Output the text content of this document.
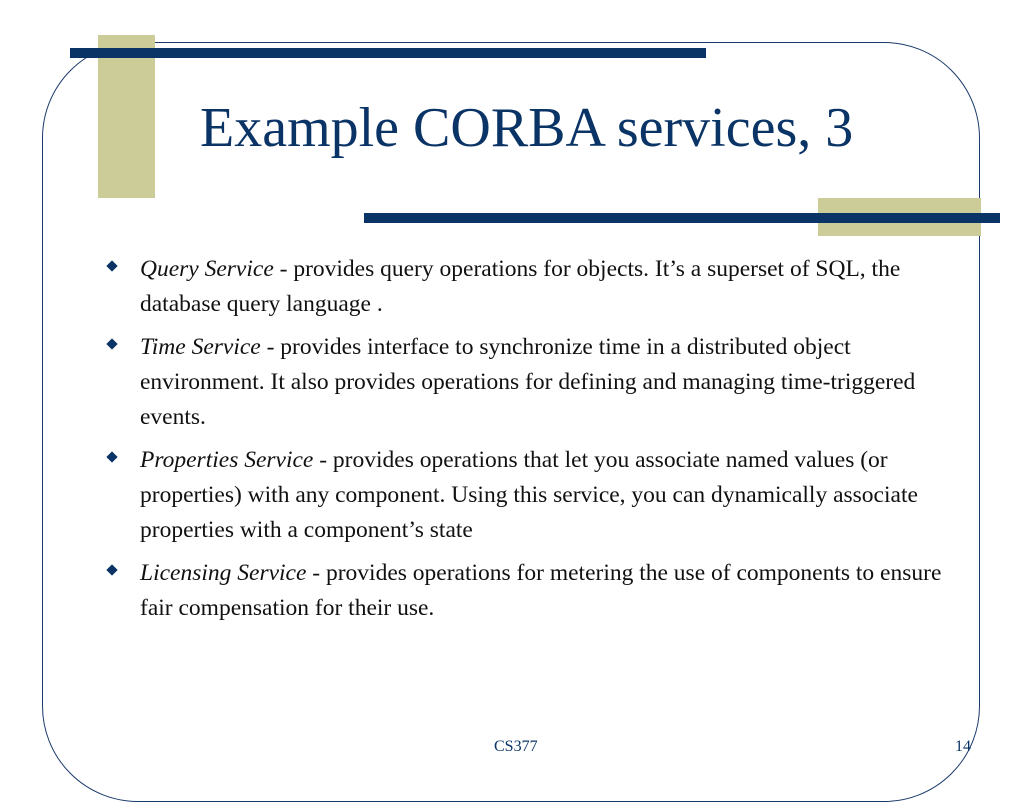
Example CORBA services, 3
Query Service - provides query operations for objects. It’s a superset of SQL, the database query language .
Time Service - provides interface to synchronize time in a distributed object environment. It also provides operations for defining and managing time-triggered events.
Properties Service - provides operations that let you associate named values (or properties) with any component. Using this service, you can dynamically associate properties with a component’s state
Licensing Service - provides operations for metering the use of components to ensure fair compensation for their use.
CS377	14
